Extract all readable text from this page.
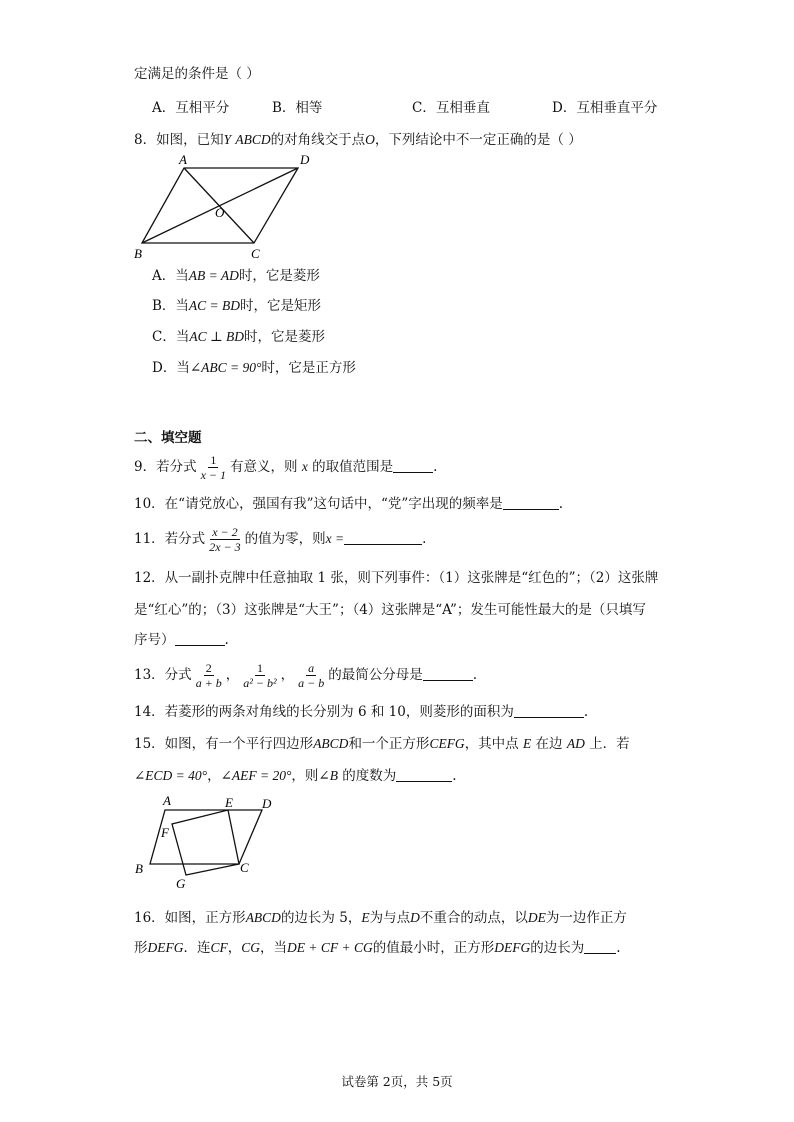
定满足的条件是（ ）
A．互相平分	B．相等	C．互相垂直	D．互相垂直平分
8．如图，已知Y ABCD的对角线交于点O，下列结论中不一定正确的是（ ）
A	D
O
B	C
A．当AB = AD时，它是菱形
B．当AC = BD时，它是矩形
C．当AC ⊥ BD时，它是菱形
D．当∠ABC = 90°时，它是正方形
二、填空题
9．若分式 $\frac{1}{x - 1}$ 有意义，则 x 的取值范围是	.
10．在“请党放心，强国有我”这句话中，“党”字出现的频率是	.
11．若分式 $\frac{x - 2}{2x - 3}$ 的值为零，则x =	.
12．从一副扑克牌中任意抽取 1 张，则下列事件：（1）这张牌是“红色的”；（2）这张牌
是“红心”的；（3）这张牌是“大王”；（4）这张牌是“A”；发生可能性最大的是（只填写
序号）	.
13．分式 $\frac{2}{a + b}$ ， $\frac{1}{\text{a² − b²}}$ ， $\frac{a}{a - b}$ 的最简公分母是	.
14．若菱形的两条对角线的长分别为 6 和 10，则菱形的面积为	.
15．如图，有一个平行四边形ABCD和一个正方形CEFG，其中点 E 在边 AD 上．若
∠ECD = 40°，∠AEF = 20°，则∠B 的度数为	.
A	E D
F
B	C
G
16．如图，正方形ABCD的边长为 5，E为与点D不重合的动点，以DE为一边作正方
形DEFG．连CF，CG，当DE + CF + CG的值最小时，正方形DEFG的边长为 .
试卷第 2页，共 5页
